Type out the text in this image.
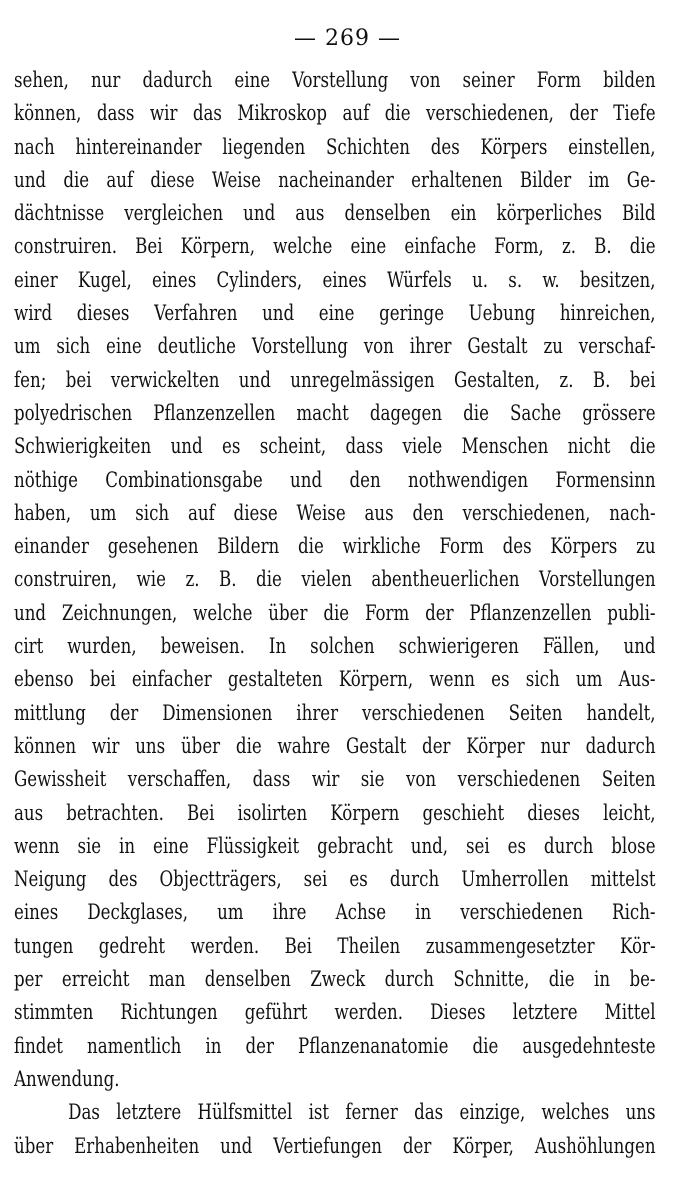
— 269 —
sehen, nur dadurch eine Vorstellung von seiner Form bilden
können, dass wir das Mikroskop auf die verschiedenen, der Tiefe
nach hintereinander liegenden Schichten des Körpers einstellen,
und die auf diese Weise nacheinander erhaltenen Bilder im Ge-
dächtnisse vergleichen und aus denselben ein körperliches Bild
construiren. Bei Körpern, welche eine einfache Form, z. B. die
einer Kugel, eines Cylinders, eines Würfels u. s. w. besitzen,
wird dieses Verfahren und eine geringe Uebung hinreichen,
um sich eine deutliche Vorstellung von ihrer Gestalt zu verschaf-
fen; bei verwickelten und unregelmässigen Gestalten, z. B. bei
polyedrischen Pflanzenzellen macht dagegen die Sache grössere
Schwierigkeiten und es scheint, dass viele Menschen nicht die
nöthige Combinationsgabe und den nothwendigen Formensinn
haben, um sich auf diese Weise aus den verschiedenen, nach-
einander gesehenen Bildern die wirkliche Form des Körpers zu
construiren, wie z. B. die vielen abentheuerlichen Vorstellungen
und Zeichnungen, welche über die Form der Pflanzenzellen publi-
cirt wurden, beweisen. In solchen schwierigeren Fällen, und
ebenso bei einfacher gestalteten Körpern, wenn es sich um Aus-
mittlung der Dimensionen ihrer verschiedenen Seiten handelt,
können wir uns über die wahre Gestalt der Körper nur dadurch
Gewissheit verschaffen, dass wir sie von verschiedenen Seiten
aus betrachten. Bei isolirten Körpern geschieht dieses leicht,
wenn sie in eine Flüssigkeit gebracht und, sei es durch blose
Neigung des Objectträgers, sei es durch Umherrollen mittelst
eines Deckglases, um ihre Achse in verschiedenen Rich-
tungen gedreht werden. Bei Theilen zusammengesetzter Kör-
per erreicht man denselben Zweck durch Schnitte, die in be-
stimmten Richtungen geführt werden. Dieses letztere Mittel
findet namentlich in der Pflanzenanatomie die ausgedehnteste
Anwendung.
Das letztere Hülfsmittel ist ferner das einzige, welches uns
über Erhabenheiten und Vertiefungen der Körper, Aushöhlungen
